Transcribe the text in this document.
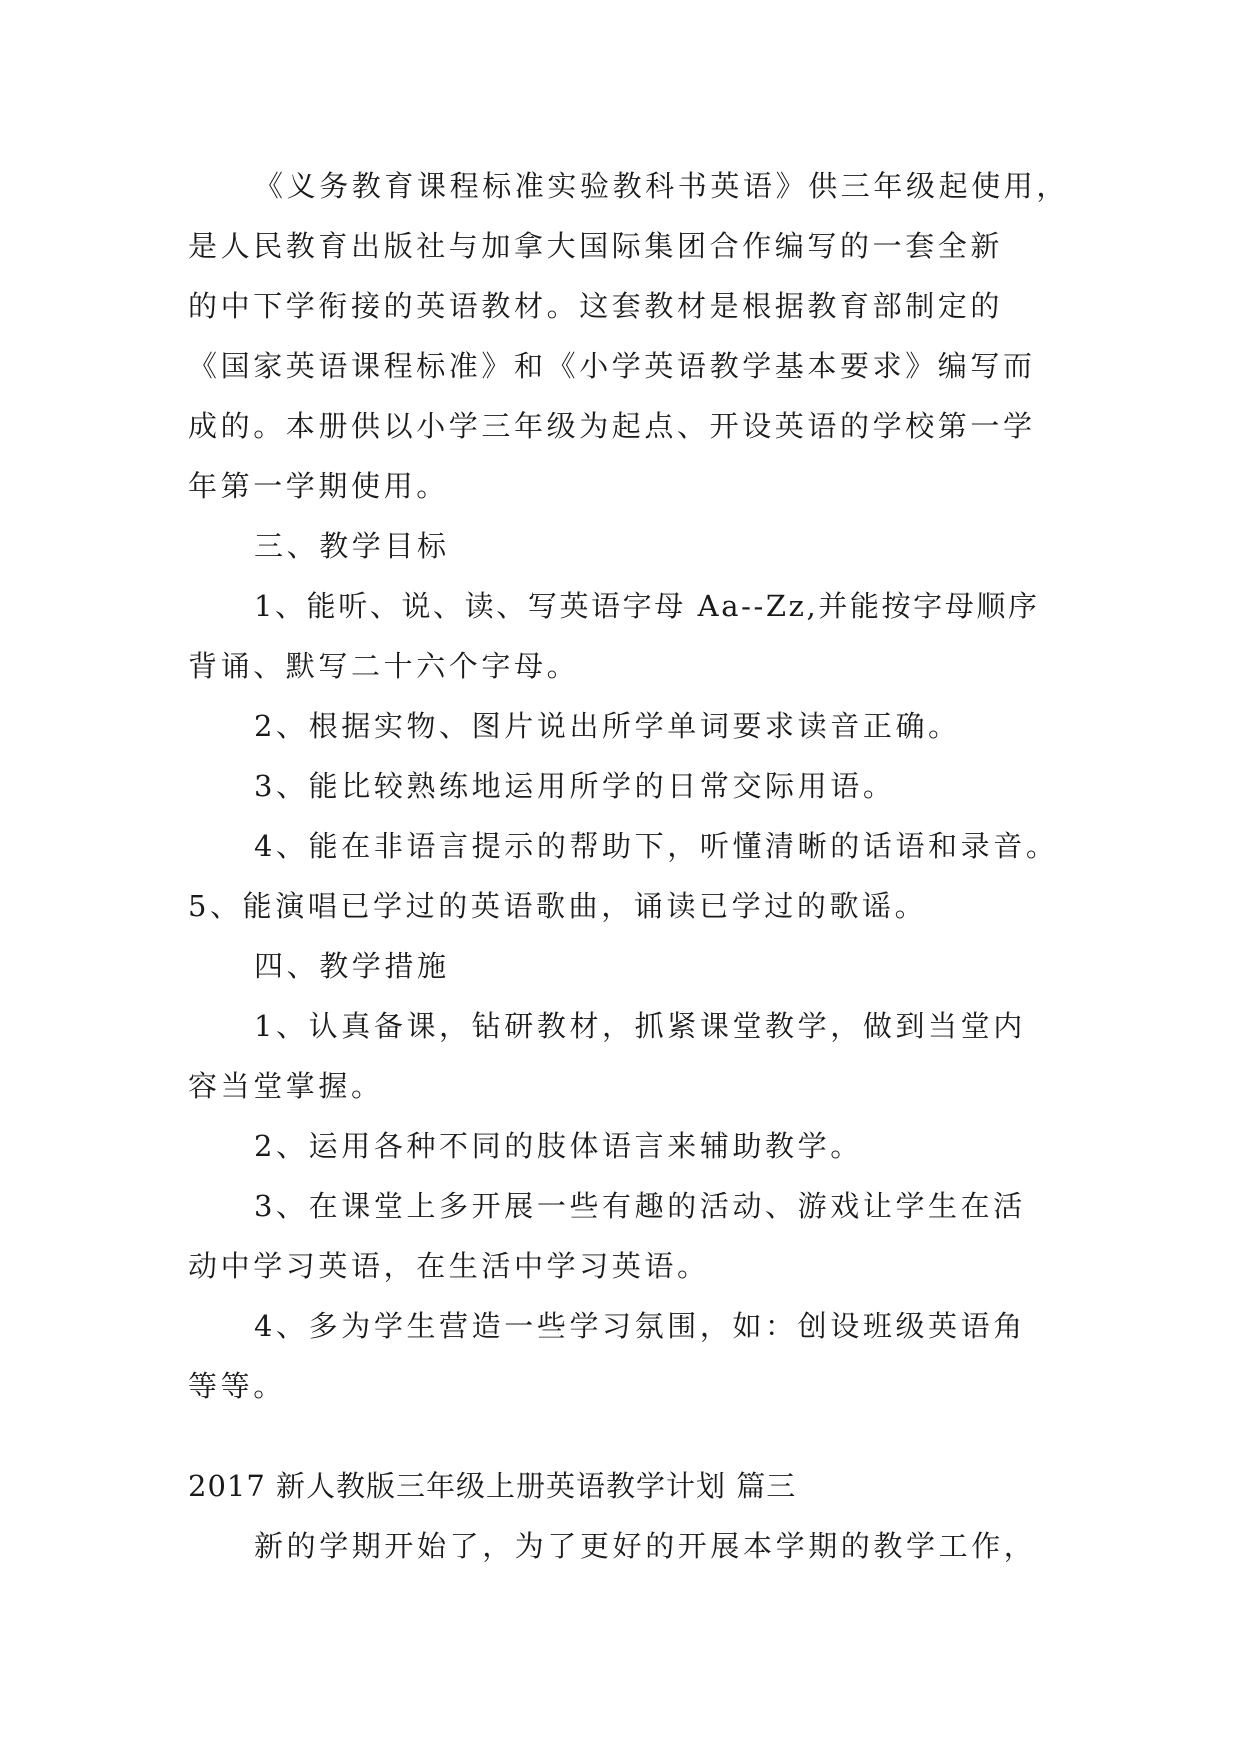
《义务教育课程标准实验教科书英语》供三年级起使用，
是人民教育出版社与加拿大国际集团合作编写的一套全新
的中下学衔接的英语教材。这套教材是根据教育部制定的
《国家英语课程标准》和《小学英语教学基本要求》编写而
成的。本册供以小学三年级为起点、开设英语的学校第一学
年第一学期使用。
三、教学目标
1、能听、说、读、写英语字母 Aa--Zz,并能按字母顺序
背诵、默写二十六个字母。
2、根据实物、图片说出所学单词要求读音正确。
3、能比较熟练地运用所学的日常交际用语。
4、能在非语言提示的帮助下，听懂清晰的话语和录音。
5、能演唱已学过的英语歌曲，诵读已学过的歌谣。
四、教学措施
1、认真备课，钻研教材，抓紧课堂教学，做到当堂内
容当堂掌握。
2、运用各种不同的肢体语言来辅助教学。
3、在课堂上多开展一些有趣的活动、游戏让学生在活
动中学习英语，在生活中学习英语。
4、多为学生营造一些学习氛围，如：创设班级英语角
等等。
2017 新人教版三年级上册英语教学计划 篇三
新的学期开始了，为了更好的开展本学期的教学工作，
